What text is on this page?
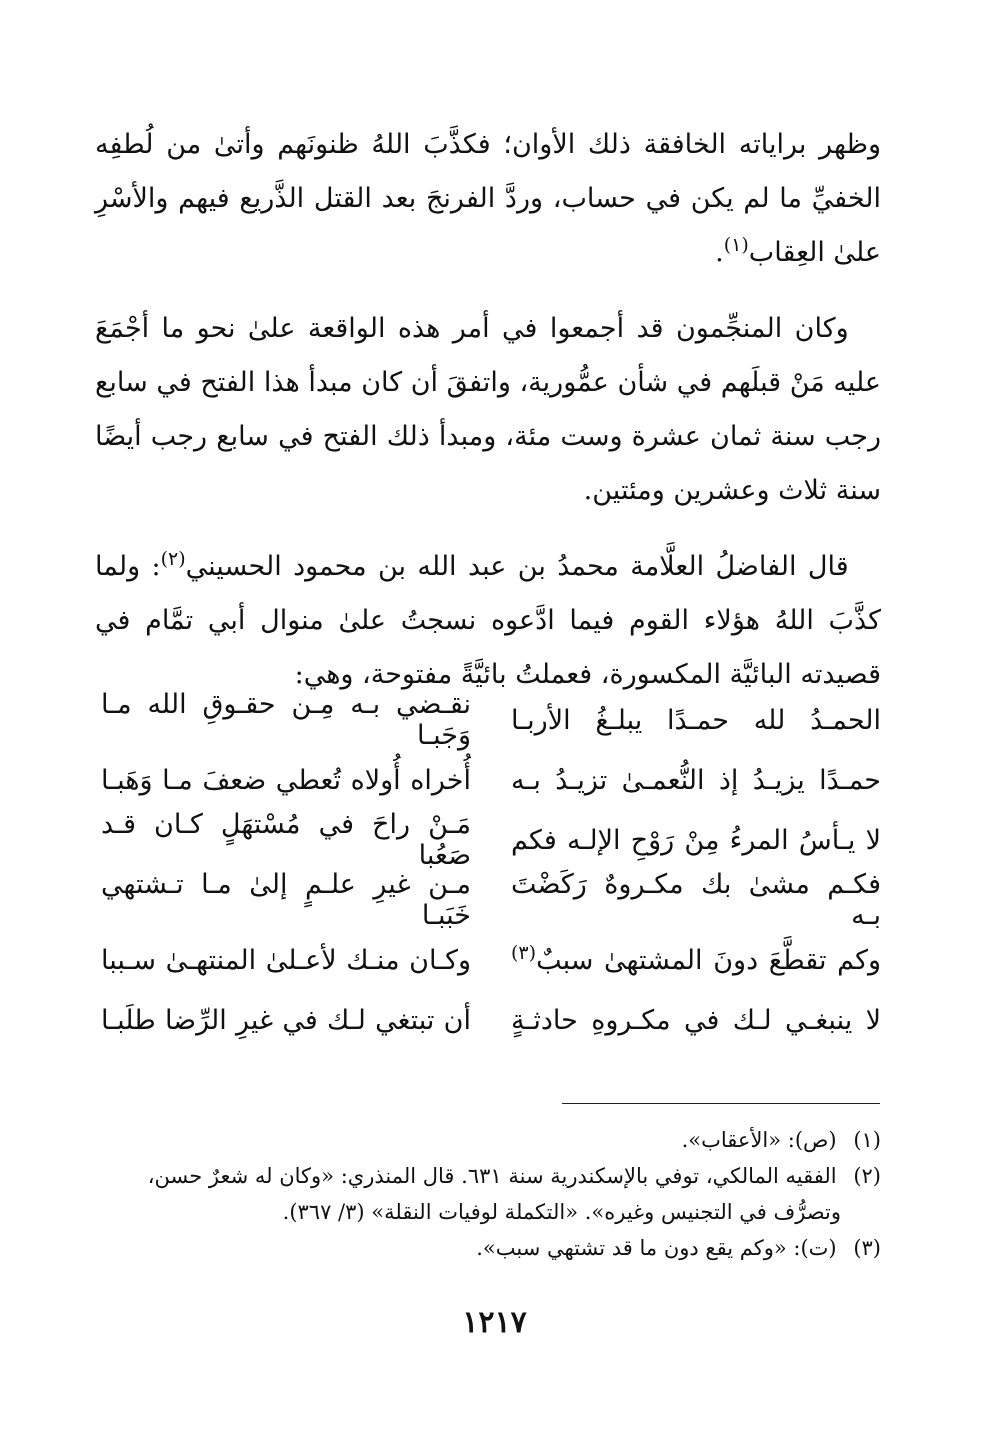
وظهر براياته الخافقة ذلك الأوان؛ فكذَّبَ اللهُ ظنونَهم وأتىٰ من لُطفِه الخفيِّ ما لم يكن في حساب، وردَّ الفرنجَ بعد القتل الذَّريع فيهم والأسْرِ علىٰ العِقاب$^{(١)}$.

وكان المنجِّمون قد أجمعوا في أمر هذه الواقعة علىٰ نحو ما أجْمَعَ عليه مَنْ قبلَهم في شأن عمُّورية، واتفقَ أن كان مبدأ هذا الفتح في سابع رجب سنة ثمان عشرة وست مئة، ومبدأ ذلك الفتح في سابع رجب أيضًا سنة ثلاث وعشرين ومئتين.

قال الفاضلُ العلَّامة محمدُ بن عبد الله بن محمود الحسيني$^{(٢)}$: ولما كذَّبَ اللهُ هؤلاء القوم فيما ادَّعوه نسجتُ علىٰ منوال أبي تمَّام في قصيدته البائيَّة المكسورة، فعملتُ بائيَّةً مفتوحة، وهي:

الحمـدُ لله حمـدًا يبلـغُ الأربـا
نقـضي بـه مِـن حقـوقِ الله مـا وَجَبـا
حمـدًا يزيـدُ إذ النُّعمـىٰ تزيـدُ بـه
أُخراه أُولاه تُعطي ضعفَ مـا وَهَبـا
لا يـأسُ المرءُ مِنْ رَوْحِ الإلـه فكم
مَـنْ راحَ في مُسْتهَلٍ كـان قـد صَعُبا
فكـم مشىٰ بك مكـروهٌ رَكَضْتَ بـه
مـن غيرِ علـمٍ إلىٰ مـا تـشتهي خَبَبـا
وكم تقطَّعَ دونَ المشتهىٰ سببٌ$^{(٣)}$
وكـان منـك لأعـلىٰ المنتهـىٰ سـببا
لا ينبغـي لـك في مكـروهِ حادثـةٍ
أن تبتغي لـك في غيرِ الرِّضا طلَبـا

(١) (ص): «الأعقاب».

(٢) الفقيه المالكي، توفي بالإسكندرية سنة ٦٣١. قال المنذري: «وكان له شعرٌ حسن،

وتصرُّف في التجنيس وغيره». «التكملة لوفيات النقلة» (٣/ ٣٦٧).

(٣) (ت): «وكم يقع دون ما قد تشتهي سبب».

١٢١٧
